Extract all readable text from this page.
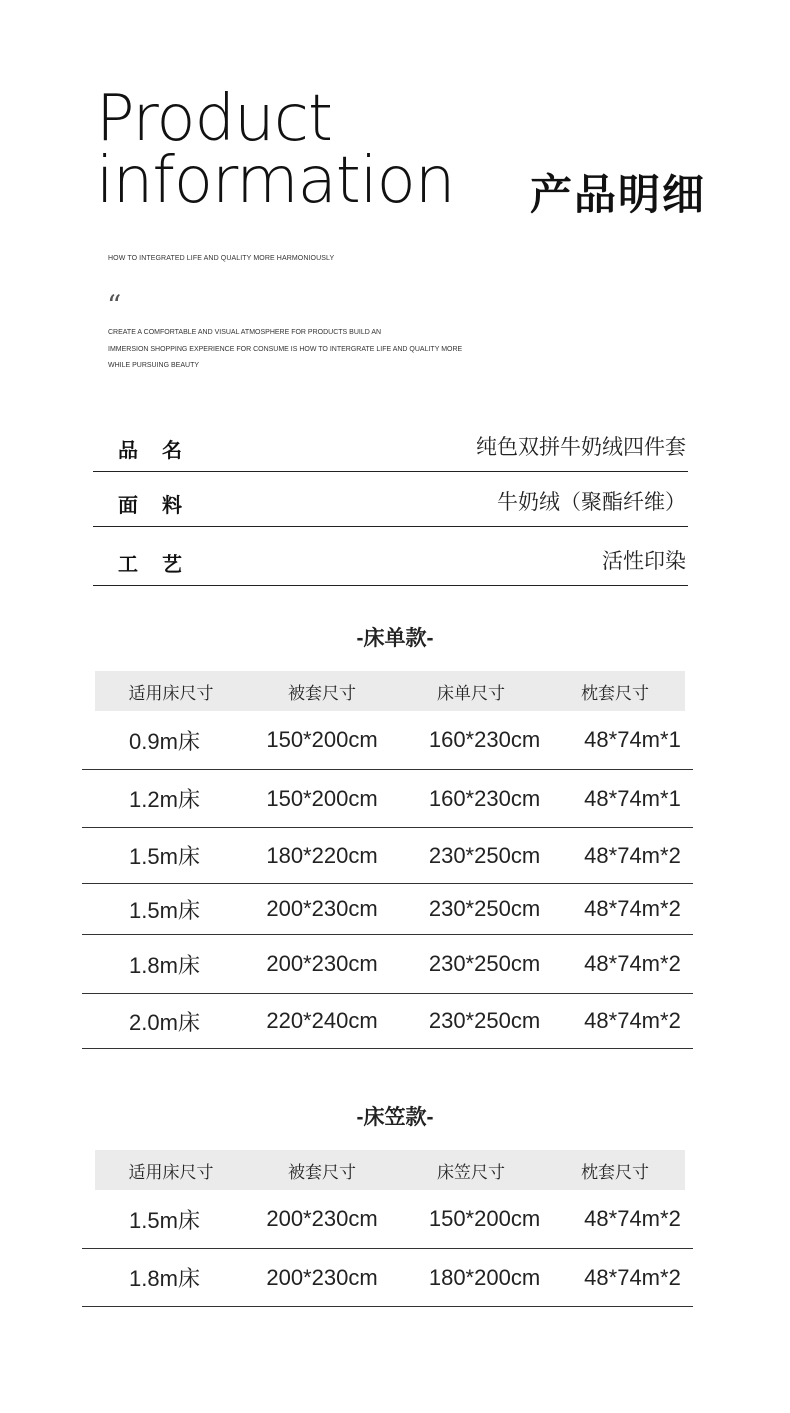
Product
information 产品明细
HOW TO INTEGRATED LIFE AND QUALITY MORE HARMONIOUSLY
“
CREATE A COMFORTABLE AND VISUAL ATMOSPHERE FOR PRODUCTS BUILD AN
IMMERSION SHOPPING EXPERIENCE FOR CONSUME IS HOW TO INTERGRATE LIFE AND QUALITY MORE
WHILE PURSUING BEAUTY
品名	纯色双拼牛奶绒四件套
面料	牛奶绒（聚酯纤维）
工艺	活性印染
-床单款-
适用床尺寸	被套尺寸	床单尺寸	枕套尺寸
0.9m床	150*200cm	160*230cm	48*74m*1
1.2m床	150*200cm	160*230cm	48*74m*1
1.5m床	180*220cm	230*250cm	48*74m*2
1.5m床	200*230cm	230*250cm	48*74m*2
1.8m床	200*230cm	230*250cm	48*74m*2
2.0m床	220*240cm	230*250cm	48*74m*2
-床笠款-
适用床尺寸	被套尺寸	床笠尺寸	枕套尺寸
1.5m床	200*230cm	150*200cm	48*74m*2
1.8m床	200*230cm	180*200cm	48*74m*2
